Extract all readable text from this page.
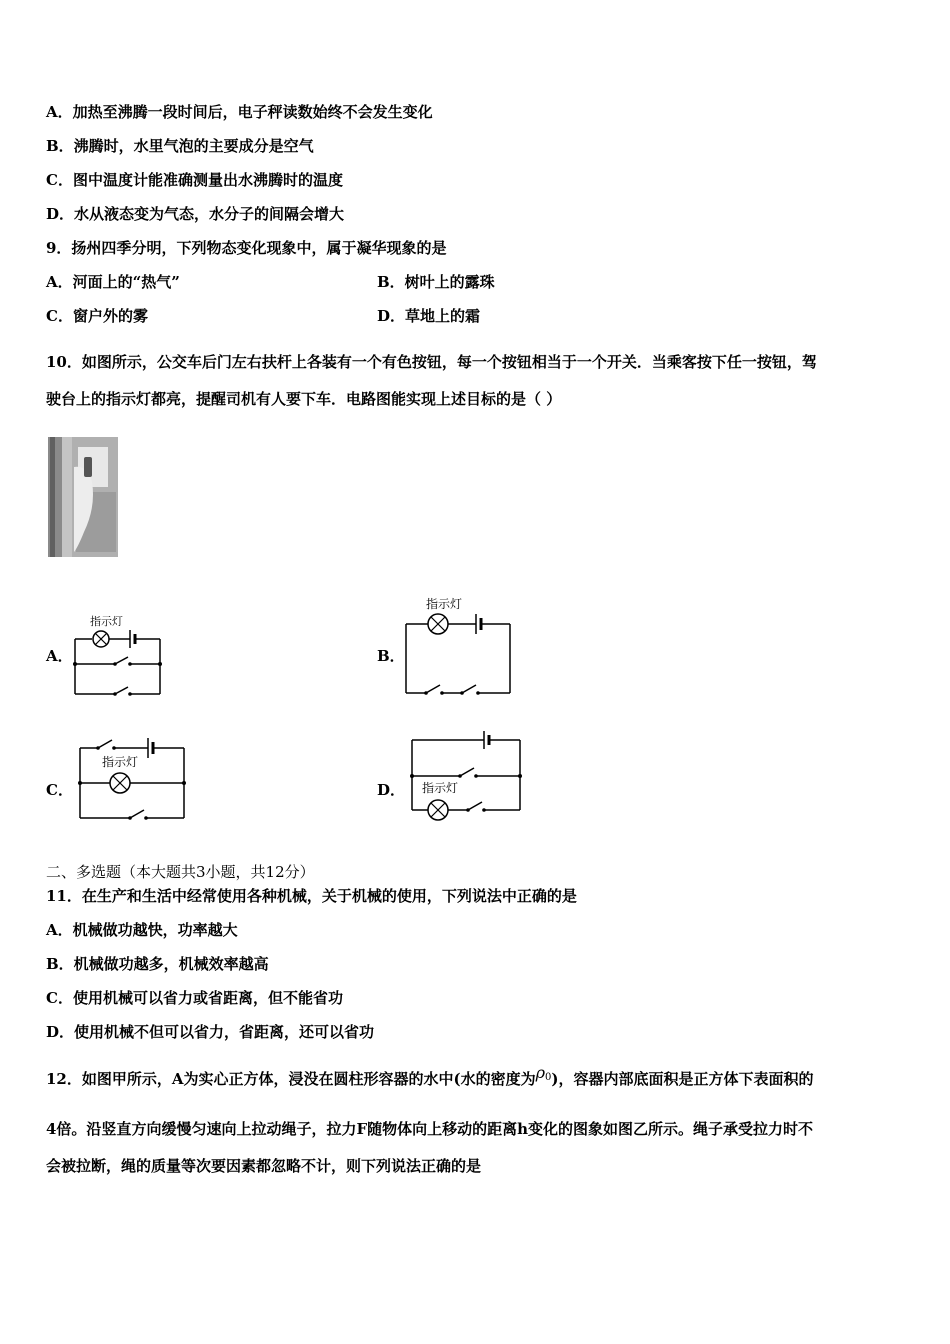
A．加热至沸腾一段时间后，电子秤读数始终不会发生变化
B．沸腾时，水里气泡的主要成分是空气
C．图中温度计能准确测量出水沸腾时的温度
D．水从液态变为气态，水分子的间隔会增大
9．扬州四季分明，下列物态变化现象中，属于凝华现象的是
A．河面上的“热气”	B．树叶上的露珠
C．窗户外的雾	D．草地上的霜
10．如图所示，公交车后门左右扶杆上各装有一个有色按钮，每一个按钮相当于一个开关．当乘客按下任一按钮，驾
驶台上的指示灯都亮，提醒司机有人要下车．电路图能实现上述目标的是（ ）
A．
指示灯
B．
指示灯
C．
指示灯
D． 指示灯
二、多选题（本大题共3小题，共12分）
11．在生产和生活中经常使用各种机械，关于机械的使用，下列说法中正确的是
A．机械做功越快，功率越大
B．机械做功越多，机械效率越高
C．使用机械可以省力或省距离，但不能省功
D．使用机械不但可以省力，省距离，还可以省功
12．如图甲所示，A为实心正方体，浸没在圆柱形容器的水中(水的密度为$\rho^0$)，容器内部底面积是正方体下表面积的
4倍。沿竖直方向缓慢匀速向上拉动绳子，拉力F随物体向上移动的距离h变化的图象如图乙所示。绳子承受拉力时不
会被拉断，绳的质量等次要因素都忽略不计，则下列说法正确的是
